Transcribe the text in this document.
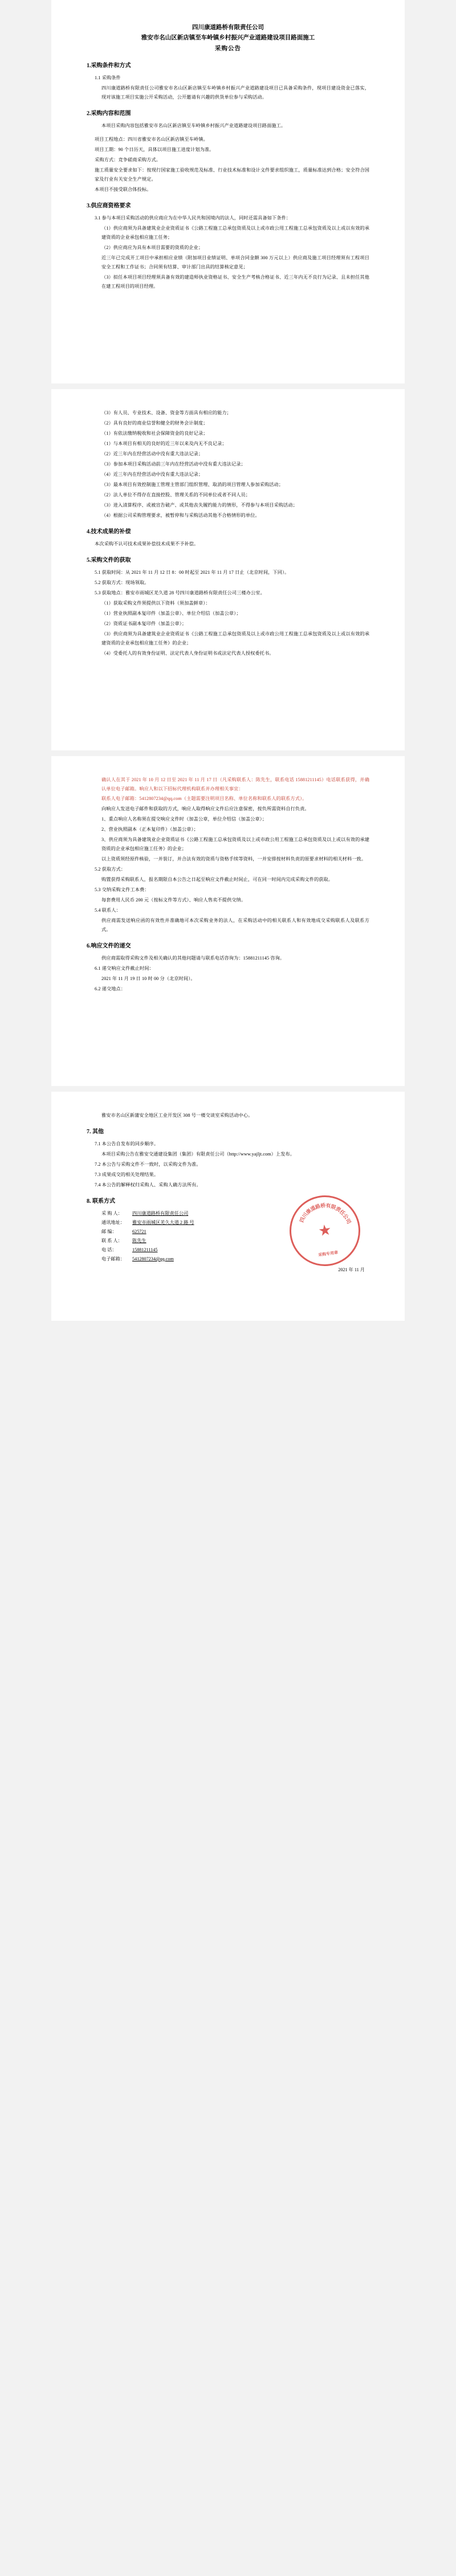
四川康道路桥有限责任公司
雅安市名山区新店镇至车岭镇乡村振兴产业道路建设项目路面施工
采购公告
1.采购条件和方式

1.1 采购条件

四川康道路桥有限责任公司雅安市名山区新店镇至车岭镇乡村振兴产业道路建设项目已具备采购条件，现项目建设资金已落实，现对该施工项目实施公开采购活动，公开邀请有兴趣的供货单位参与采购活动。

2.采购内容和范围

本项目采购内容包括雅安市名山区新店镇至车岭镇乡村振兴产业道路建设项目路面施工。

项目工程地点：四川省雅安市名山区新店镇至车岭镇。

项目工期：90 个日历天，具体以项目施工进度计划为准。

采购方式：竞争磋商采购方式。

施工质量安全要求如下：按现行国家施工验收规范及标准、行业技术标准和设计文件要求组织施工，质量标准达到合格；安全符合国家及行业有关安全生产规定。

本项目不接受联合体投标。

3.供应商资格要求

3.1 参与本项目采购活动的供应商应为在中华人民共和国境内的法人，同时还需具备如下条件：

（1）供应商须为具备建筑业企业资质证书《公路工程施工总承包资质及以上或市政公用工程施工总承包资质及以上或以有效的承建资质的企业承包相应施工任务；

（2）供应商应为具有本项目需要的资质的企业；

近三年已完成开工项目中承担相应业绩（附加项目业绩证明、单项合同金额 300 万元以上）供应商及施工项目经理须有工程项目安全工程和工作证书；合同须有结算、审计部门出具的结算核定意见；

（3）拟任本项目项目经理须具备有效的建造师执业资格证书、安全生产考核合格证书、近三年内无不良行为记录、且未担任其他在建工程项目的项目经理。

（3）有人员、专业技术、设备、资金等方面具有相应的能力；

（2）具有良好的商业信誉和健全的财务会计制度；

（1）有依法缴纳税收和社会保障资金的良好记录；

（1）与本项目有相关的良好的近三年以来及内无不良记录；

（2）近三年内在经营活动中没有重大违法记录；

（3）参加本项目采购活动前三年内在经营活动中没有重大违法记录；

（4）近三年内在经营活动中没有重大违法记录；

（3）最本项目有效控制施工管理主管部门组织管理、取消的项目管理人参加采购活动；

（2）法人单位不得存在直接控股、管理关系的不同单位或者不同人员；

（3）进入清算程序、或被宣告破产、或其他丧失履约能力的情形，不得参与本项目采购活动；

（4）根据公司采购管理要求，被暂停和与采购活动其他不合格情形的单位。

4.技术成果的补偿

本次采购不认可技术成果补偿技术成果不予补偿。

5.采购文件的获取

5.1 获取时间：从 2021 年 11 月 12 日 8：00 时起至 2021 年 11 月 17 日止（北京时间，下同）。

5.2 获取方式：现场领取。

5.3 获取地点：雅安市雨城区羌久道 28 号四川康道路桥有限责任公司三楼办公室。

（1）获取采购文件须提供以下资料（须加盖鲜章）：

（1）营业执照副本复印件（加盖公章）、单位介绍信（加盖公章）；

（2）资质证书副本复印件（加盖公章）；

（3）供应商须为具备建筑业企业资质证书《公路工程施工总承包资质及以上或市政公用工程施工总承包资质及以上或以有效的承建资质的企业承包相应施工任务》的企业；

（4）受委托人的有效身份证明、法定代表人身份证明书或法定代表人授权委托书。

确认人在其于 2021 年 10 月 12 日至 2021 年 11 月 17 日（凡采购联系人：陈先生，联系电话 15881211145）电话联系获得，并确认单位电子邮箱。响应人和以下招标代理机构联系并办理相关事宜：

联系人电子邮箱：5412807234@qq.com（主题需要注明项目名称、单位名称和联系人的联系方式）。

向响应人发送电子邮件和获取的方式，响应人取得响应文件后应注意保密，按负所需资料自行负责。

1、重点响应人名称须在提交响应文件时（加盖公章，单位介绍信（加盖公章）；

2、营业执照副本（正本复印件）（加盖公章）；

3、供应商须为具备建筑业企业资质证书《公路工程施工总承包资质及以上或市政公用工程施工总承包资质及以上或以有效的承建资质的企业承包相应施工任务》的企业；

以上资质须经原件核验，一并装订，并合法有效的资质与资格手续等资料，一并安排按材料负责的原要求材料的相关材料一致。

5.2 获取方式：

购置获得采购联系人，报名期限自本公告之日起至响应文件截止时间止，可在同一时间内完成采购文件的获取。

5.3 交纳采购文件工本费：

每套费用人民币 200 元（按标文件等方式）、响应人售卖不提供交纳。

5.4 联系人：

供应商需发送响应函的有效性并准确地可本次采购业务的法人，在采购活动中的相关联系人和有效地成交采购联系人及联系方式。

6.响应文件的递交

供应商需取得采购文件及相关确认的其他问题请与联系电话咨询为：15881211145 咨询。

6.1 递交响应文件截止时间：

2021 年 11 月 19 日 10 时 00 分（北京时间）。

6.2 递交地点：

雅安市名山区新蒲安全地区工业开发区 308 号一楼交谈室采购活动中心。

7. 其他

7.1 本公告自发布的同步顺序。

本项目采购公告在雅安交通建设集团（集团）有限责任公司（http://www.yajljt.com）上发布。

7.2 本公告与采购文件不一致时，以采购文件为准。

7.3 成果成交的相关处理结果。

7.4 本公告的解释权归采购人、采购人确方法所有。

8. 联系方式
采 购 人：	四川康道路桥有限责任公司
通讯地址：	雅安市雨城区羌久大道 2 路 号
邮 编：	625721
联 系 人：	陈先生
电 话：	15881211145
电子邮箱：	5412807234@qq.com
四
川
康
道
路
桥 有
限
责
任
公
司
★
采购专用章
2021 年 11 月
